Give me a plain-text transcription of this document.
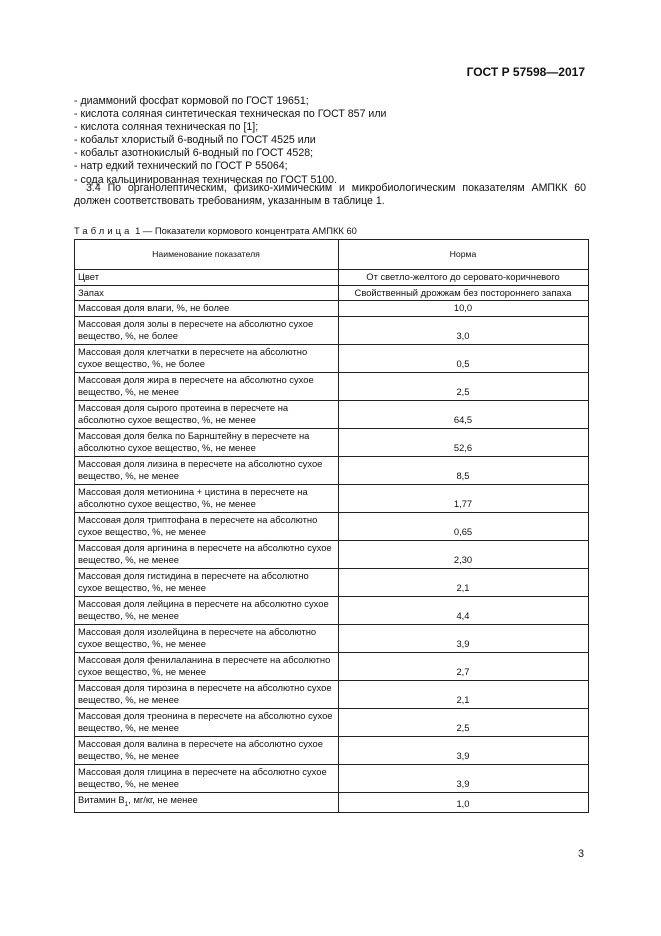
ГОСТ Р 57598—2017
- диаммоний фосфат кормовой по ГОСТ 19651;
- кислота соляная синтетическая техническая по ГОСТ 857 или
- кислота соляная техническая по [1];
- кобальт хлористый 6-водный по ГОСТ 4525 или
- кобальт азотнокислый 6-водный по ГОСТ 4528;
- натр едкий технический по ГОСТ Р 55064;
- сода кальцинированная техническая по ГОСТ 5100.
3.4 По органолептическим, физико-химическим и микробиологическим показателям АМПКК 60 должен соответствовать требованиям, указанным в таблице 1.
Таблица 1 — Показатели кормового концентрата АМПКК 60
Наименование показателя	Норма
Цвет	От светло-желтого до серовато-коричневого
Запах	Свойственный дрожжам без постороннего запаха
Массовая доля влаги, %, не более	10,0
Массовая доля золы в пересчете на абсолютно сухое вещество, %, не более	3,0
Массовая доля клетчатки в пересчете на абсолютно сухое вещество, %, не более	0,5
Массовая доля жира в пересчете на абсолютно сухое вещество, %, не менее	2,5
Массовая доля сырого протеина в пересчете на абсолютно сухое вещество, %, не менее	64,5
Массовая доля белка по Барнштейну в пересчете на абсолютно сухое вещество, %, не менее	52,6
Массовая доля лизина в пересчете на абсолютно сухое вещество, %, не менее	8,5
Массовая доля метионина + цистина в пересчете на абсолютно сухое вещество, %, не менее	1,77
Массовая доля триптофана в пересчете на абсолютно сухое вещество, %, не менее	0,65
Массовая доля аргинина в пересчете на абсолютно сухое вещество, %, не менее	2,30
Массовая доля гистидина в пересчете на абсолютно сухое вещество, %, не менее	2,1
Массовая доля лейцина в пересчете на абсолютно сухое вещество, %, не менее	4,4
Массовая доля изолейцина в пересчете на абсолютно сухое вещество, %, не менее	3,9
Массовая доля фенилаланина в пересчете на абсолютно сухое вещество, %, не менее	2,7
Массовая доля тирозина в пересчете на абсолютно сухое вещество, %, не менее	2,1
Массовая доля треонина в пересчете на абсолютно сухое вещество, %, не менее	2,5
Массовая доля валина в пересчете на абсолютно сухое вещество, %, не менее	3,9
Массовая доля глицина в пересчете на абсолютно сухое вещество, %, не менее	3,9
Витамин $B_1$, мг/кг, не менее	1,0
3
